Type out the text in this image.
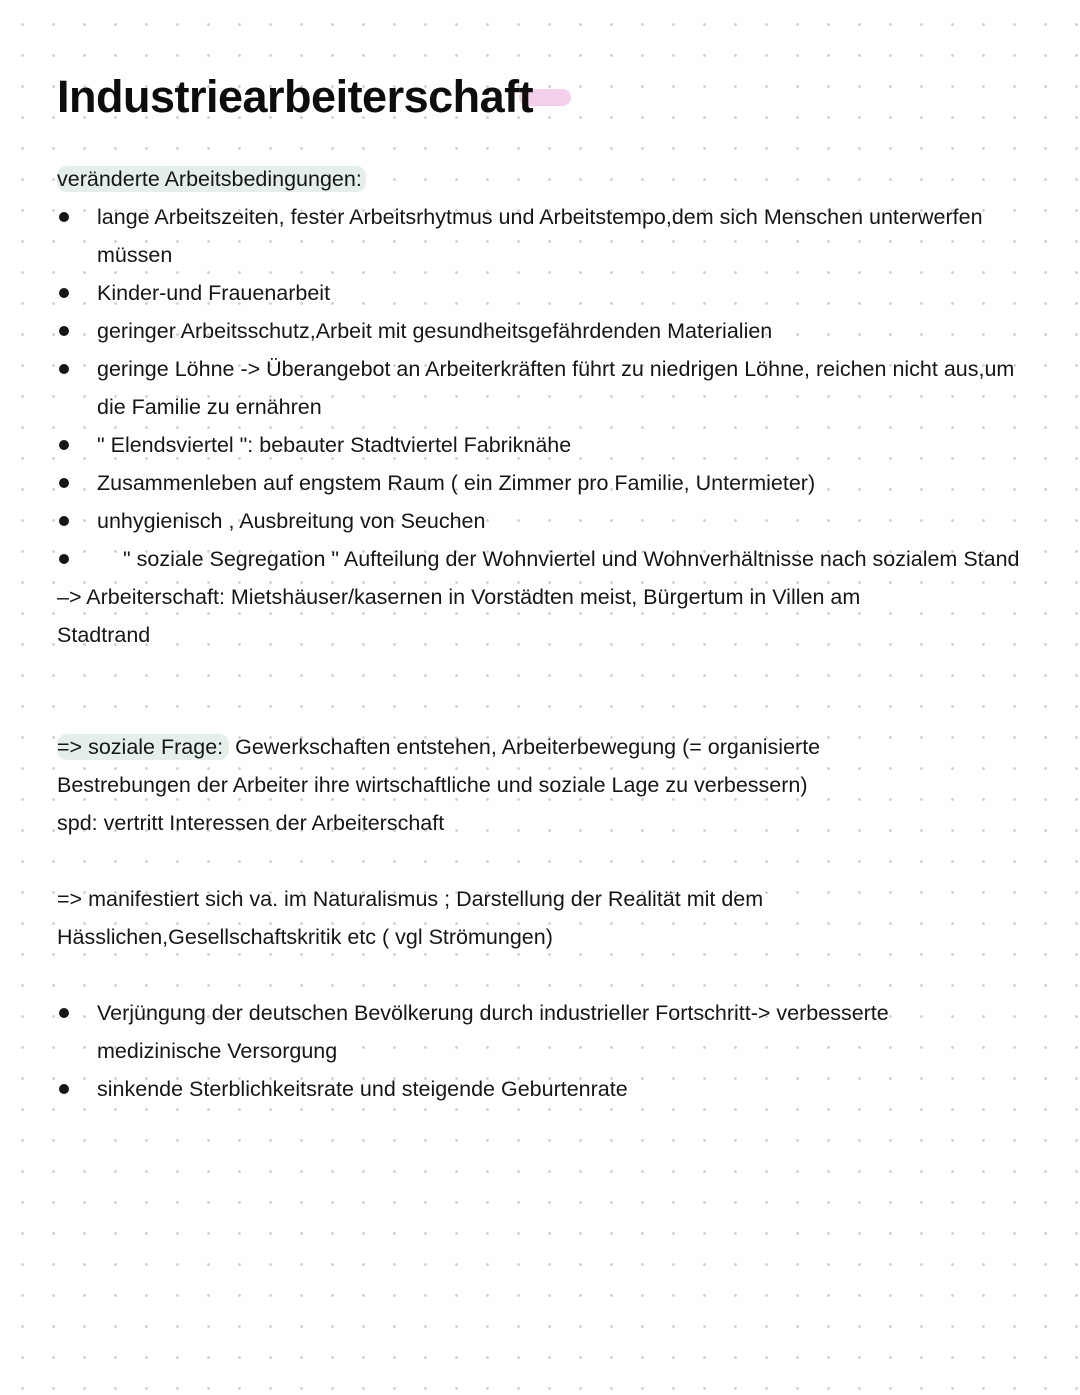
Industriearbeiterschaft

veränderte Arbeitsbedingungen:

lange Arbeitszeiten, fester Arbeitsrhytmus und Arbeitstempo,dem sich Menschen unterwerfen müssen
Kinder-und Frauenarbeit
geringer Arbeitsschutz,Arbeit mit gesundheitsgefährdenden Materialien
geringe Löhne -> Überangebot an Arbeiterkräften führt zu niedrigen Löhne, reichen nicht aus,um die Familie zu ernähren
" Elendsviertel ": bebauter Stadtviertel Fabriknähe
Zusammenleben auf engstem Raum ( ein Zimmer pro Familie, Untermieter)
unhygienisch , Ausbreitung von Seuchen
" soziale Segregation " Aufteilung der Wohnviertel und Wohnverhältnisse nach sozialem Stand

–> Arbeiterschaft: Mietshäuser/kasernen in Vorstädten meist, Bürgertum in Villen am Stadtrand

=> soziale Frage: Gewerkschaften entstehen, Arbeiterbewegung (= organisierte Bestrebungen der Arbeiter ihre wirtschaftliche und soziale Lage zu verbessern)

spd: vertritt Interessen der Arbeiterschaft

=> manifestiert sich va. im Naturalismus ; Darstellung der Realität mit dem Hässlichen,Gesellschaftskritik etc ( vgl Strömungen)

Verjüngung der deutschen Bevölkerung durch industrieller Fortschritt-> verbesserte medizinische Versorgung
sinkende Sterblichkeitsrate und steigende Geburtenrate
